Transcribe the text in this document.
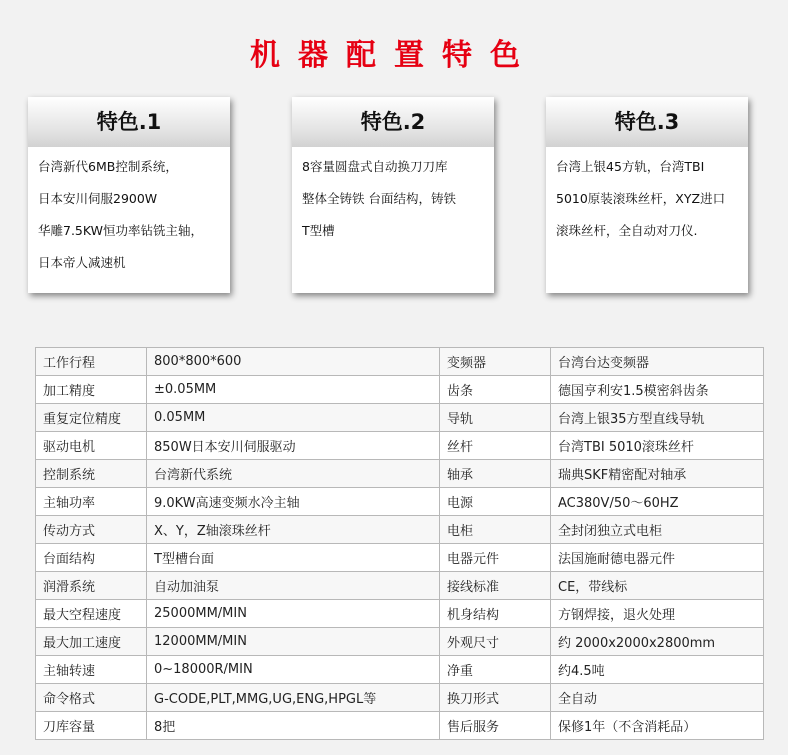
机器配置特色
特色.1
台湾新代6MB控制系统，
日本安川伺服2900W
华雕7.5KW恒功率钻铣主轴，
日本帝人减速机
特色.2
8容量圆盘式自动换刀刀库
整体全铸铁 台面结构，铸铁
T型槽
特色.3
台湾上银45方轨，台湾TBI
5010原装滚珠丝杆，XYZ进口
滚珠丝杆，全自动对刀仪.
工作行程	800*800*600	变频器	台湾台达变频器
加工精度	±0.05MM	齿条	德国亨利安1.5模密斜齿条
重复定位精度	0.05MM	导轨	台湾上银35方型直线导轨
驱动电机	850W日本安川伺服驱动	丝杆	台湾TBI 5010滚珠丝杆
控制系统	台湾新代系统	轴承	瑞典SKF精密配对轴承
主轴功率	9.0KW高速变频水冷主轴	电源	AC380V/50～60HZ
传动方式	X、Y，Z轴滚珠丝杆	电柜	全封闭独立式电柜
台面结构	T型槽台面	电器元件	法国施耐德电器元件
润滑系统	自动加油泵	接线标准	CE，带线标
最大空程速度	25000MM/MIN	机身结构	方钢焊接，退火处理
最大加工速度	12000MM/MIN	外观尺寸	约 2000x2000x2800mm
主轴转速	0~18000R/MIN	净重	约4.5吨
命令格式	G-CODE,PLT,MMG,UG,ENG,HPGL等	换刀形式	全自动
刀库容量	8把	售后服务	保修1年（不含消耗品）
